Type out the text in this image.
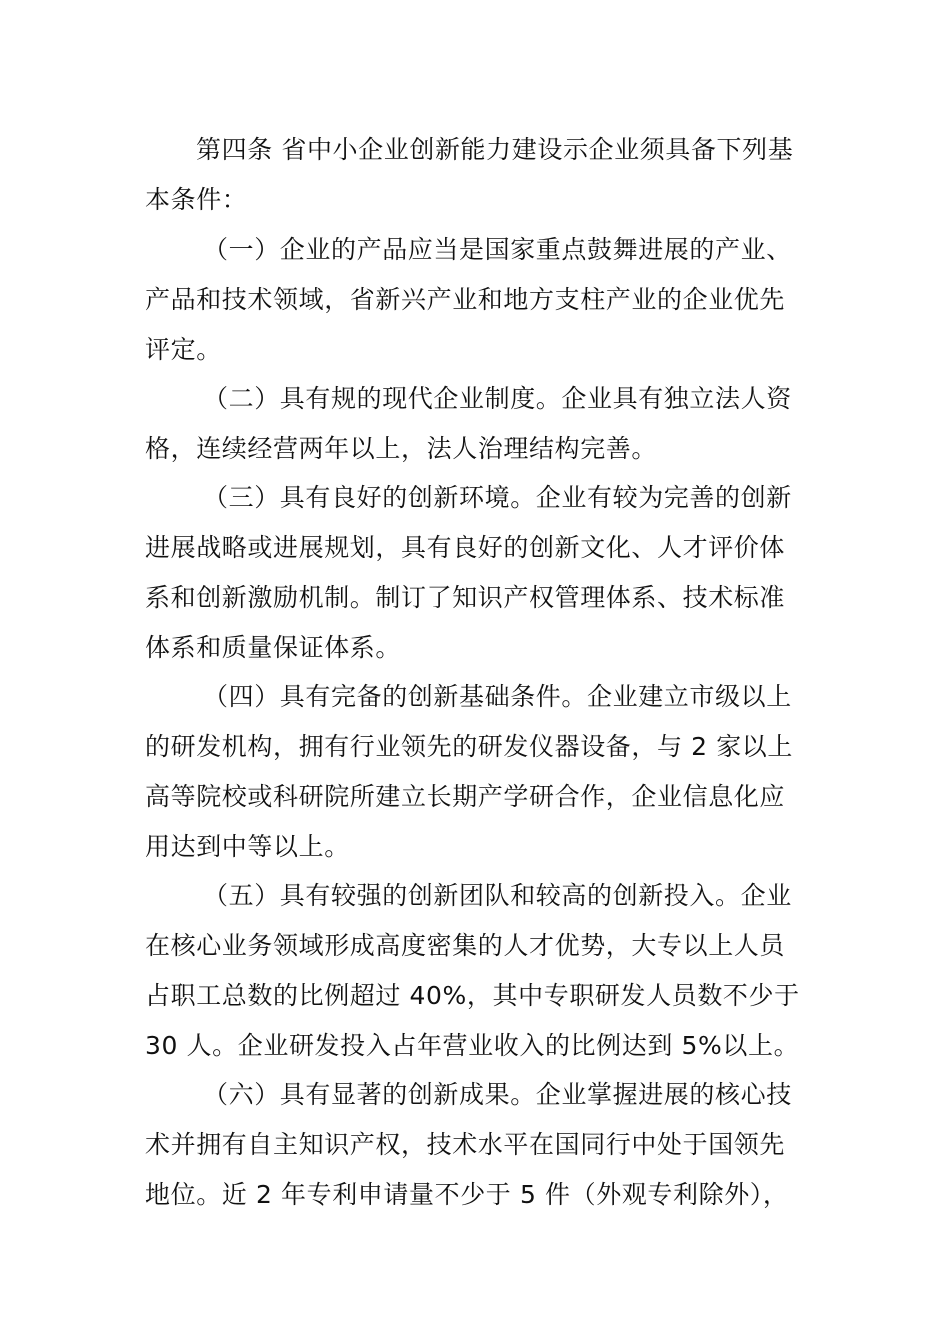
第四条 省中小企业创新能力建设示企业须具备下列基
本条件：
（一）企业的产品应当是国家重点鼓舞进展的产业、
产品和技术领域，省新兴产业和地方支柱产业的企业优先
评定。
（二）具有规的现代企业制度。企业具有独立法人资
格，连续经营两年以上，法人治理结构完善。
（三）具有良好的创新环境。企业有较为完善的创新
进展战略或进展规划，具有良好的创新文化、人才评价体
系和创新激励机制。制订了知识产权管理体系、技术标准
体系和质量保证体系。
（四）具有完备的创新基础条件。企业建立市级以上
的研发机构，拥有行业领先的研发仪器设备，与 2 家以上
高等院校或科研院所建立长期产学研合作，企业信息化应
用达到中等以上。
（五）具有较强的创新团队和较高的创新投入。企业
在核心业务领域形成高度密集的人才优势，大专以上人员
占职工总数的比例超过 40%，其中专职研发人员数不少于
30 人。企业研发投入占年营业收入的比例达到 5%以上。
（六）具有显著的创新成果。企业掌握进展的核心技
术并拥有自主知识产权，技术水平在国同行中处于国领先
地位。近 2 年专利申请量不少于 5 件（外观专利除外），
